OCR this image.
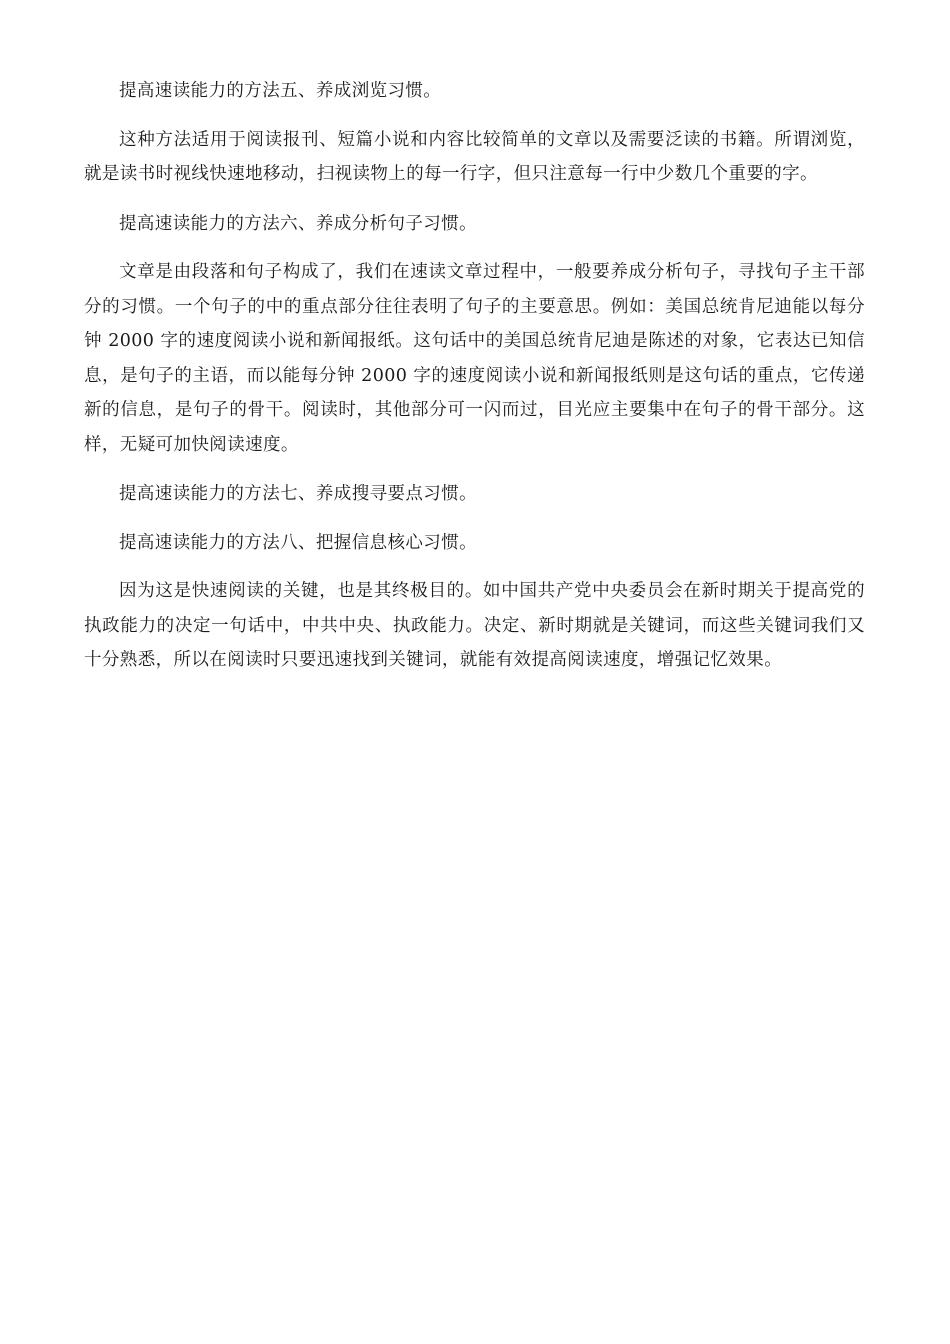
提高速读能力的方法五、养成浏览习惯。

这种方法适用于阅读报刊、短篇小说和内容比较简单的文章以及需要泛读的书籍。所谓浏览，就是读书时视线快速地移动，扫视读物上的每一行字，但只注意每一行中少数几个重要的字。

提高速读能力的方法六、养成分析句子习惯。

文章是由段落和句子构成了，我们在速读文章过程中，一般要养成分析句子，寻找句子主干部分的习惯。一个句子的中的重点部分往往表明了句子的主要意思。例如：美国总统肯尼迪能以每分钟 2000 字的速度阅读小说和新闻报纸。这句话中的美国总统肯尼迪是陈述的对象，它表达已知信息，是句子的主语，而以能每分钟 2000 字的速度阅读小说和新闻报纸则是这句话的重点，它传递新的信息，是句子的骨干。阅读时，其他部分可一闪而过，目光应主要集中在句子的骨干部分。这样，无疑可加快阅读速度。

提高速读能力的方法七、养成搜寻要点习惯。

提高速读能力的方法八、把握信息核心习惯。

因为这是快速阅读的关键，也是其终极目的。如中国共产党中央委员会在新时期关于提高党的执政能力的决定一句话中，中共中央、执政能力。决定、新时期就是关键词，而这些关键词我们又十分熟悉，所以在阅读时只要迅速找到关键词，就能有效提高阅读速度，增强记忆效果。
